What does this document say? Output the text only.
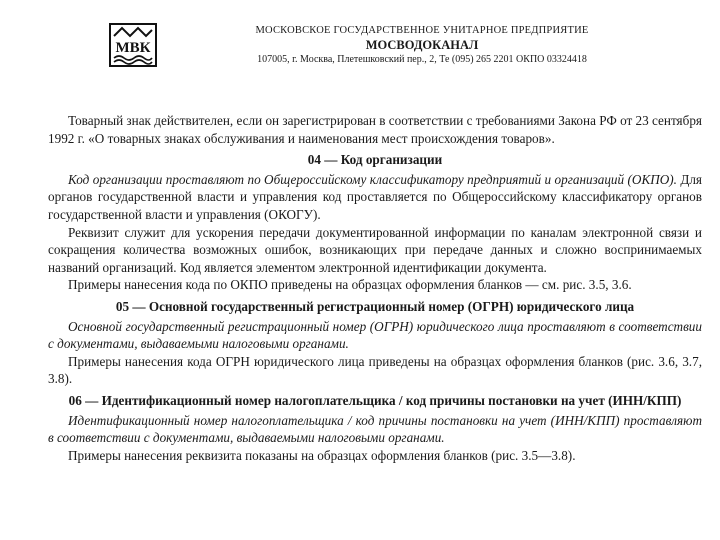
МВК
МОСКОВСКОЕ ГОСУДАРСТВЕННОЕ УНИТАРНОЕ ПРЕДПРИЯТИЕ
МОСВОДОКАНАЛ
107005, г. Москва, Плетешковский пер., 2, Те (095) 265 2201 ОКПО 03324418

Товарный знак действителен, если он зарегистрирован в соответствии с требованиями Закона РФ от 23 сентября 1992 г. «О товарных знаках обслуживания и наименования мест происхождения товаров».

04 — Код организации

Код организации проставляют по Общероссийскому классификатору предприятий и организаций (ОКПО). Для органов государственной власти и управления код проставляется по Общероссийскому классификатору органов государственной власти и управления (ОКОГУ).

Реквизит служит для ускорения передачи документированной информации по каналам электронной связи и сокращения количества возможных ошибок, возникающих при передаче данных и сложно воспринимаемых названий организаций. Код является элементом электронной идентификации документа.

Примеры нанесения кода по ОКПО приведены на образцах оформления бланков — см. рис. 3.5, 3.6.

05 — Основной государственный регистрационный номер (ОГРН) юридического лица

Основной государственный регистрационный номер (ОГРН) юридического лица проставляют в соответствии с документами, выдаваемыми налоговыми органами.

Примеры нанесения кода ОГРН юридического лица приведены на образцах оформления бланков (рис. 3.6, 3.7, 3.8).

06 — Идентификационный номер налогоплательщика / код причины постановки на учет (ИНН/КПП)

Идентификационный номер налогоплательщика / код причины постановки на учет (ИНН/КПП) проставляют в соответствии с документами, выдаваемыми налоговыми органами.

Примеры нанесения реквизита показаны на образцах оформления бланков (рис. 3.5—3.8).
